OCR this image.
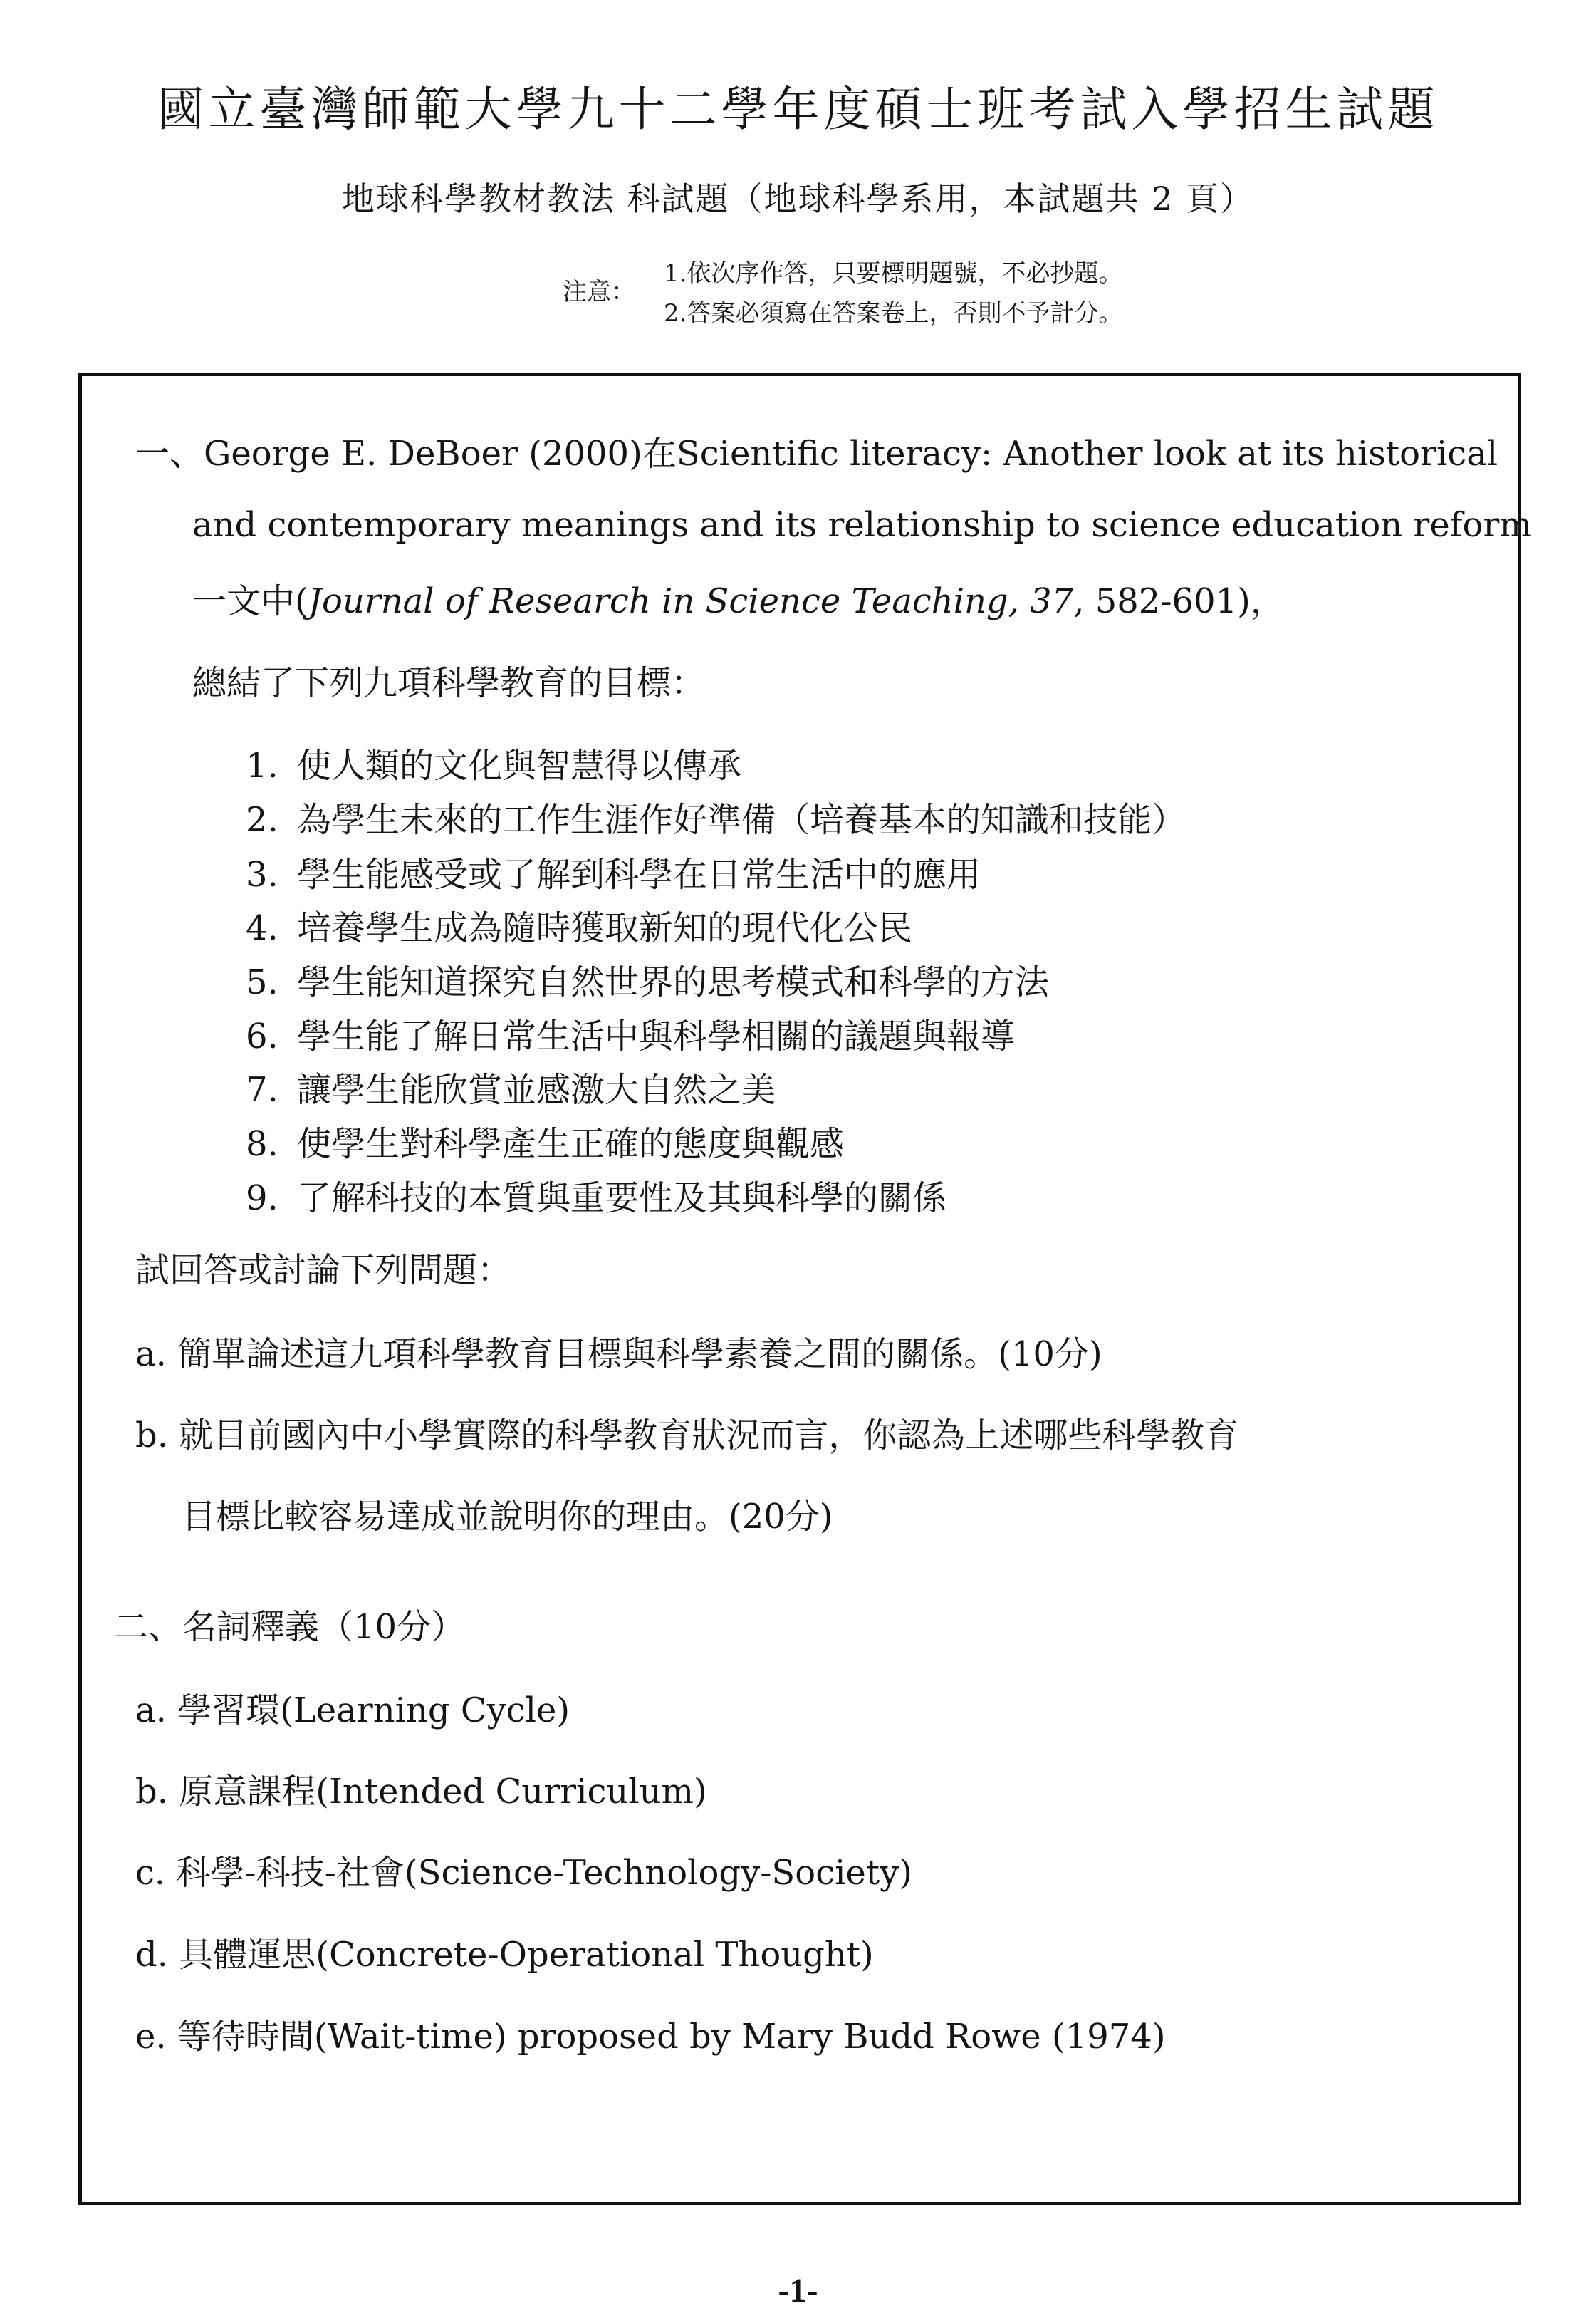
國立臺灣師範大學九十二學年度碩士班考試入學招生試題
地球科學教材教法 科試題（地球科學系用，本試題共 2 頁）
注意：
1.依次序作答，只要標明題號，不必抄題。
2.答案必須寫在答案卷上，否則不予計分。
一、George E. DeBoer (2000)在Scientific literacy: Another look at its historical
and contemporary meanings and its relationship to science education reform
一文中(Journal of Research in Science Teaching, 37, 582-601)，
總結了下列九項科學教育的目標：
1. 使人類的文化與智慧得以傳承
2. 為學生未來的工作生涯作好準備（培養基本的知識和技能）
3. 學生能感受或了解到科學在日常生活中的應用
4. 培養學生成為隨時獲取新知的現代化公民
5. 學生能知道探究自然世界的思考模式和科學的方法
6. 學生能了解日常生活中與科學相關的議題與報導
7. 讓學生能欣賞並感激大自然之美
8. 使學生對科學產生正確的態度與觀感
9. 了解科技的本質與重要性及其與科學的關係
試回答或討論下列問題：
a. 簡單論述這九項科學教育目標與科學素養之間的關係。(10分)
b. 就目前國內中小學實際的科學教育狀況而言，你認為上述哪些科學教育
目標比較容易達成並說明你的理由。(20分)
二、名詞釋義（10分）
a. 學習環(Learning Cycle)
b. 原意課程(Intended Curriculum)
c. 科學-科技-社會(Science-Technology-Society)
d. 具體運思(Concrete-Operational Thought)
e. 等待時間(Wait-time) proposed by Mary Budd Rowe (1974)
-1-
